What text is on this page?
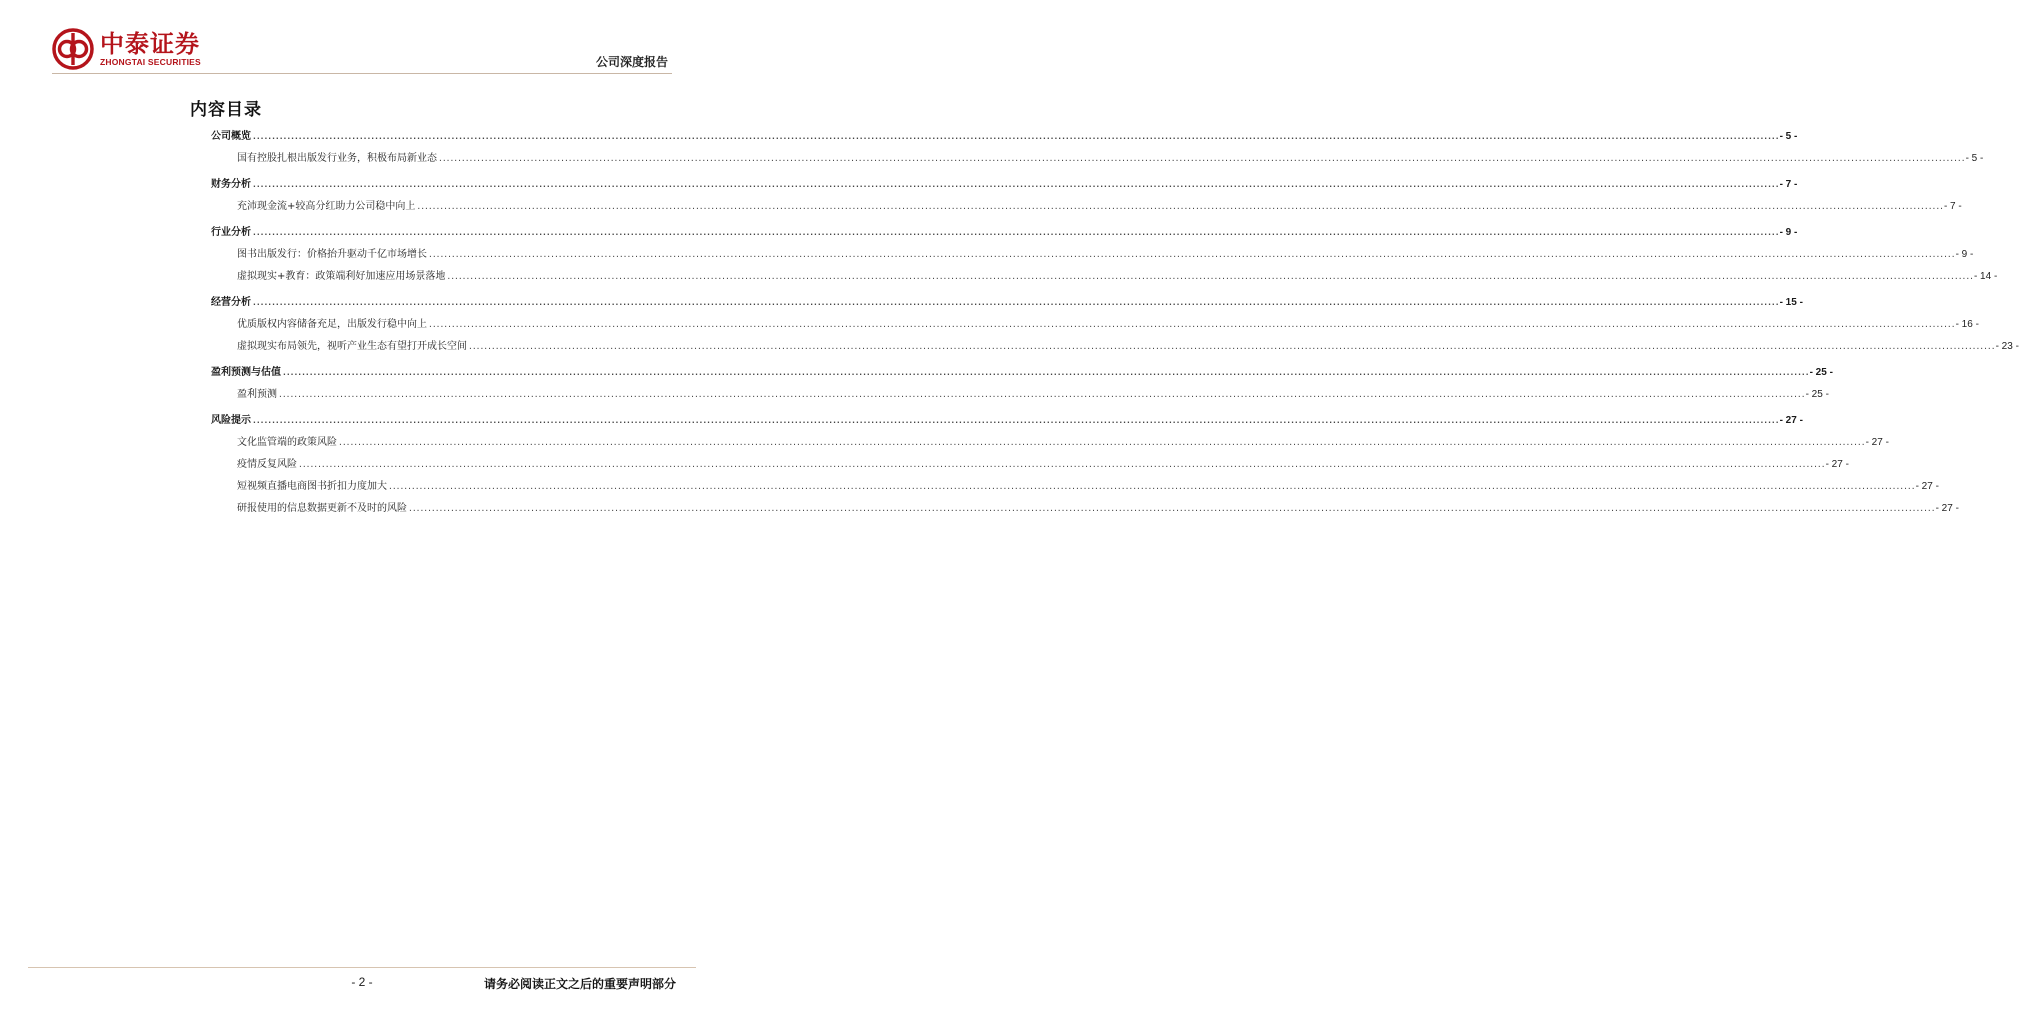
中泰证券
ZHONGTAI SECURITIES	公司深度报告
内容目录
公司概览 ................................................................................................................................................................................................................................................................................................................................................................................................................ - 5 -
国有控股扎根出版发行业务，积极布局新业态 ................................................................................................................................................................................................................................................................................................................................................................................................................ - 5 -
财务分析 ................................................................................................................................................................................................................................................................................................................................................................................................................ - 7 -
充沛现金流+较高分红助力公司稳中向上 ................................................................................................................................................................................................................................................................................................................................................................................................................ - 7 -
行业分析 ................................................................................................................................................................................................................................................................................................................................................................................................................ - 9 -
图书出版发行：价格抬升驱动千亿市场增长 ................................................................................................................................................................................................................................................................................................................................................................................................................ - 9 -
虚拟现实+教育：政策端利好加速应用场景落地 ................................................................................................................................................................................................................................................................................................................................................................................................................ - 14 -
经营分析 ................................................................................................................................................................................................................................................................................................................................................................................................................ - 15 -
优质版权内容储备充足，出版发行稳中向上 ................................................................................................................................................................................................................................................................................................................................................................................................................ - 16 -
虚拟现实布局领先，视听产业生态有望打开成长空间 ................................................................................................................................................................................................................................................................................................................................................................................................................ - 23 -
盈利预测与估值 ................................................................................................................................................................................................................................................................................................................................................................................................................ - 25 -
盈利预测 ................................................................................................................................................................................................................................................................................................................................................................................................................ - 25 -
风险提示 ................................................................................................................................................................................................................................................................................................................................................................................................................ - 27 -
文化监管端的政策风险 ................................................................................................................................................................................................................................................................................................................................................................................................................ - 27 -
疫情反复风险 ................................................................................................................................................................................................................................................................................................................................................................................................................ - 27 -
短视频直播电商图书折扣力度加大 ................................................................................................................................................................................................................................................................................................................................................................................................................ - 27 -
研报使用的信息数据更新不及时的风险 ................................................................................................................................................................................................................................................................................................................................................................................................................ - 27 -
- 2 -	请务必阅读正文之后的重要声明部分
